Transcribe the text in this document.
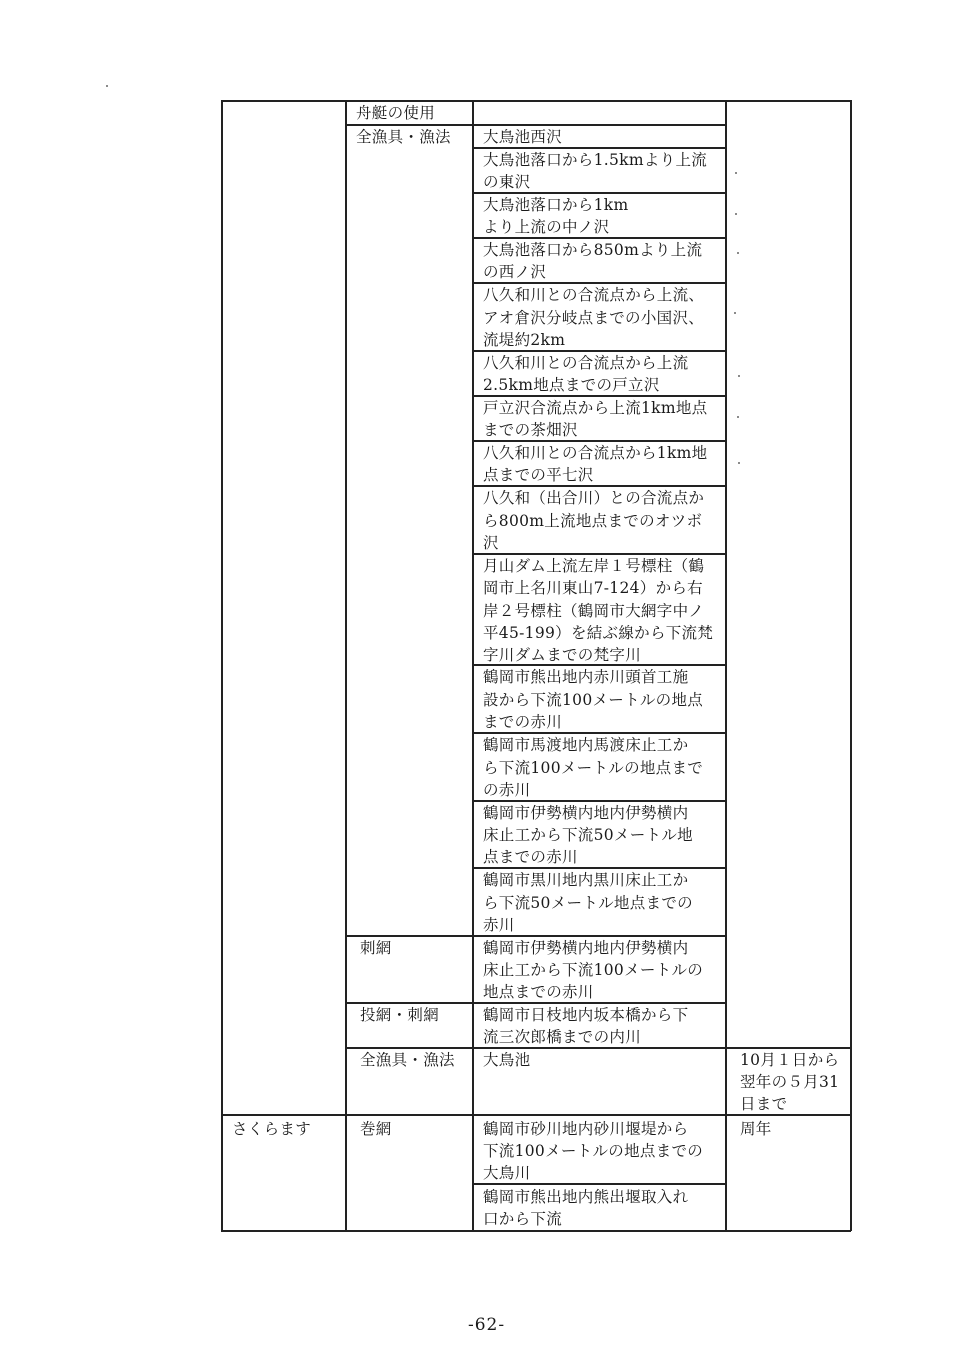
さくらます
舟艇の使用
全漁具・漁法
刺網
投網・刺網
全漁具・漁法
巻網
大鳥池西沢
大鳥池落口から1.5kmより上流
の東沢
大鳥池落口から1km
より上流の中ノ沢
大鳥池落口から850mより上流
の西ノ沢
八久和川との合流点から上流、
アオ倉沢分岐点までの小国沢、
流堤約2km
八久和川との合流点から上流
2.5km地点までの戸立沢
戸立沢合流点から上流1km地点
までの茶畑沢
八久和川との合流点から1km地
点までの平七沢
八久和（出合川）との合流点か
ら800m上流地点までのオツボ
沢
月山ダム上流左岸１号標柱（鶴
岡市上名川東山7-124）から右
岸２号標柱（鶴岡市大網字中ノ
平45-199）を結ぶ線から下流梵
字川ダムまでの梵字川
鶴岡市熊出地内赤川頭首工施
設から下流100メートルの地点
までの赤川
鶴岡市馬渡地内馬渡床止工か
ら下流100メートルの地点まで
の赤川
鶴岡市伊勢横内地内伊勢横内
床止工から下流50メートル地
点までの赤川
鶴岡市黒川地内黒川床止工か
ら下流50メートル地点までの
赤川
鶴岡市伊勢横内地内伊勢横内
床止工から下流100メートルの
地点までの赤川
鶴岡市日枝地内坂本橋から下
流三次郎橋までの内川
大鳥池
鶴岡市砂川地内砂川堰堤から
下流100メートルの地点までの
大鳥川
鶴岡市熊出地内熊出堰取入れ
口から下流
10月１日から
翌年の５月31
日まで
周年
-62-
